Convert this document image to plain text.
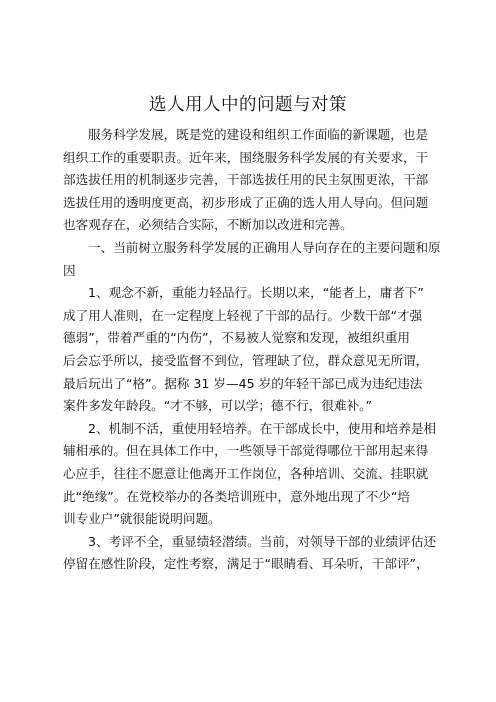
选人用人中的问题与对策
服务科学发展，既是党的建设和组织工作面临的新课题，也是
组织工作的重要职责。近年来，围绕服务科学发展的有关要求，干
部选拔任用的机制逐步完善，干部选拔任用的民主氛围更浓，干部
选拔任用的透明度更高，初步形成了正确的选人用人导向。但问题
也客观存在，必须结合实际，不断加以改进和完善。
一、当前树立服务科学发展的正确用人导向存在的主要问题和原
因
1、观念不新，重能力轻品行。长期以来，“能者上，庸者下”
成了用人准则，在一定程度上轻视了干部的品行。少数干部“才强
德弱”，带着严重的“内伤”，不易被人觉察和发现，被组织重用
后会忘乎所以，接受监督不到位，管理缺了位，群众意见无所谓，
最后玩出了“格”。据称 31 岁—45 岁的年轻干部已成为违纪违法
案件多发年龄段。“才不够，可以学；德不行，很难补。”
2、机制不活，重使用轻培养。在干部成长中，使用和培养是相
辅相承的。但在具体工作中，一些领导干部觉得哪位干部用起来得
心应手，往往不愿意让他离开工作岗位，各种培训、交流、挂职就
此“绝缘”。在党校举办的各类培训班中，意外地出现了不少“培
训专业户”就很能说明问题。
3、考评不全，重显绩轻潜绩。当前，对领导干部的业绩评估还
停留在感性阶段，定性考察，满足于“眼睛看、耳朵听，干部评”，
